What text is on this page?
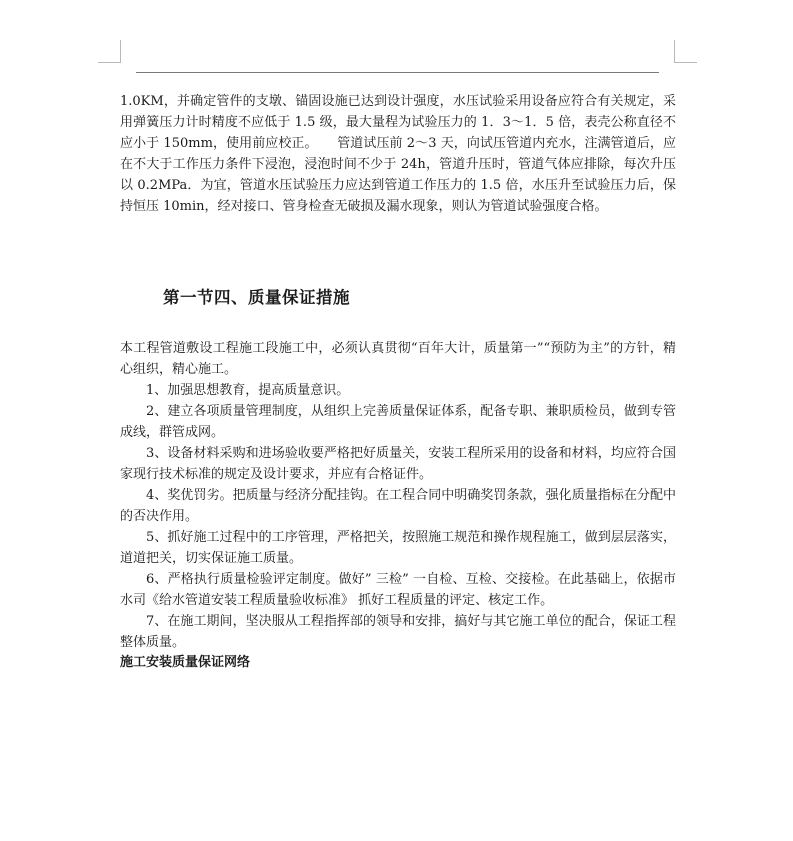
1.0KM，并确定管件的支墩、锚固设施已达到设计强度，水压试验采用设备应符合有关规定，采用弹簧压力计时精度不应低于 1.5 级，最大量程为试验压力的 1．3～1．5 倍，表壳公称直径不应小于 150mm，使用前应校正。　　管道试压前 2～3 天，向试压管道内充水，注满管道后，应在不大于工作压力条件下浸泡，浸泡时间不少于 24h，管道升压时，管道气体应排除，每次升压以 0.2MPa．为宜，管道水压试验压力应达到管道工作压力的 1.5 倍，水压升至试验压力后，保持恒压 10min，经对接口、管身检查无破损及漏水现象，则认为管道试验强度合格。

第一节四、质量保证措施

本工程管道敷设工程施工段施工中，必须认真贯彻“百年大计，质量第一”“预防为主”的方针，精心组织，精心施工。

1、加强思想教育，提高质量意识。
2、建立各项质量管理制度，从组织上完善质量保证体系，配备专职、兼职质检员，做到专管成线，群管成网。
3、设备材料采购和进场验收要严格把好质量关，安装工程所采用的设备和材料，均应符合国家现行技术标准的规定及设计要求，并应有合格证件。
4、奖优罚劣。把质量与经济分配挂钩。在工程合同中明确奖罚条款，强化质量指标在分配中的否决作用。
5、抓好施工过程中的工序管理，严格把关，按照施工规范和操作规程施工，做到层层落实，道道把关，切实保证施工质量。
6、严格执行质量检验评定制度。做好” 三检” 一自检、互检、交接检。在此基础上，依据市水司《给水管道安装工程质量验收标准》 抓好工程质量的评定、核定工作。
7、在施工期间，坚决服从工程指挥部的领导和安排，搞好与其它施工单位的配合，保证工程整体质量。

施工安装质量保证网络
